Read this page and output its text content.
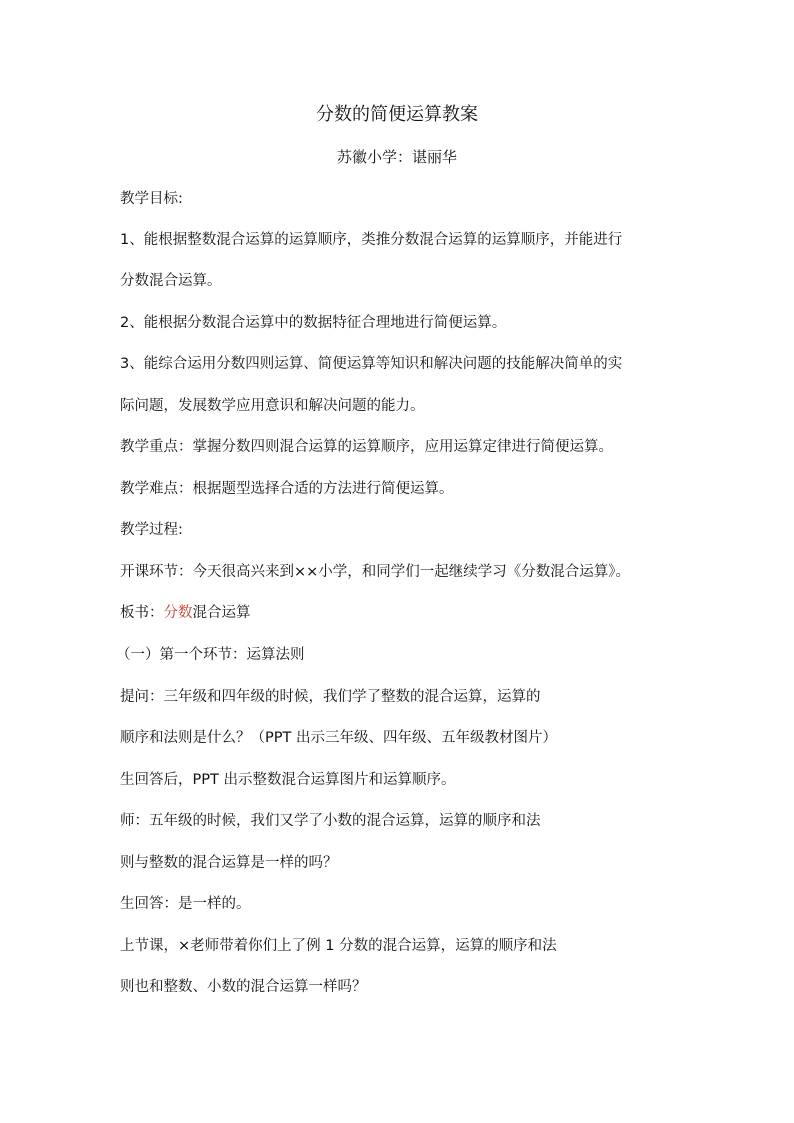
分数的简便运算教案
苏徽小学：谌丽华
教学目标:
1、能根据整数混合运算的运算顺序，类推分数混合运算的运算顺序，并能进行
分数混合运算。
2、能根据分数混合运算中的数据特征合理地进行简便运算。
3、能综合运用分数四则运算、简便运算等知识和解决问题的技能解决简单的实
际问题，发展数学应用意识和解决问题的能力。
教学重点：掌握分数四则混合运算的运算顺序，应用运算定律进行简便运算。
教学难点：根据题型选择合适的方法进行简便运算。
教学过程:
开课环节：今天很高兴来到××小学，和同学们一起继续学习《分数混合运算》。
板书：分数混合运算
（一）第一个环节：运算法则
提问：三年级和四年级的时候，我们学了整数的混合运算，运算的
顺序和法则是什么？（PPT 出示三年级、四年级、五年级教材图片）
生回答后，PPT 出示整数混合运算图片和运算顺序。
师：五年级的时候，我们又学了小数的混合运算，运算的顺序和法
则与整数的混合运算是一样的吗？
生回答：是一样的。
上节课，×老师带着你们上了例 1 分数的混合运算，运算的顺序和法
则也和整数、小数的混合运算一样吗？
